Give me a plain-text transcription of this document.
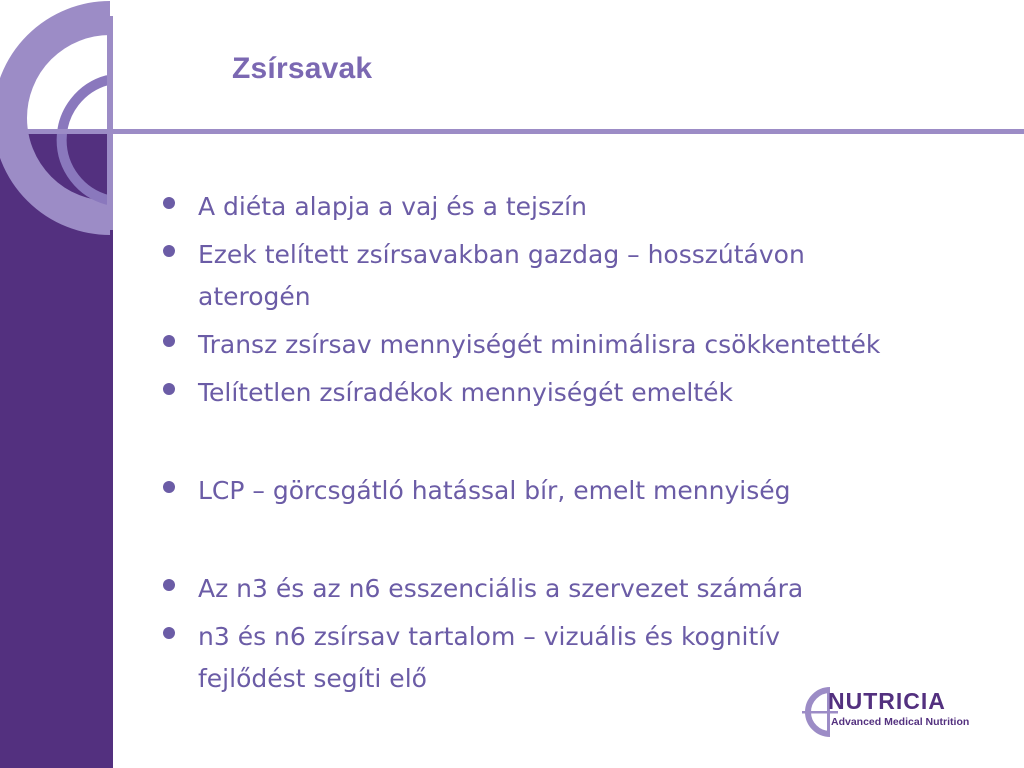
Zsírsavak
A diéta alapja a vaj és a tejszín
Ezek telített zsírsavakban gazdag – hosszútávon aterogén
Transz zsírsav mennyiségét minimálisra csökkentették
Telítetlen zsíradékok mennyiségét emelték
LCP – görcsgátló hatással bír, emelt mennyiség
Az n3 és az n6 esszenciális a szervezet számára
n3 és n6 zsírsav tartalom – vizuális és kognitív fejlődést segíti elő
NUTRICIA
Advanced Medical Nutrition
